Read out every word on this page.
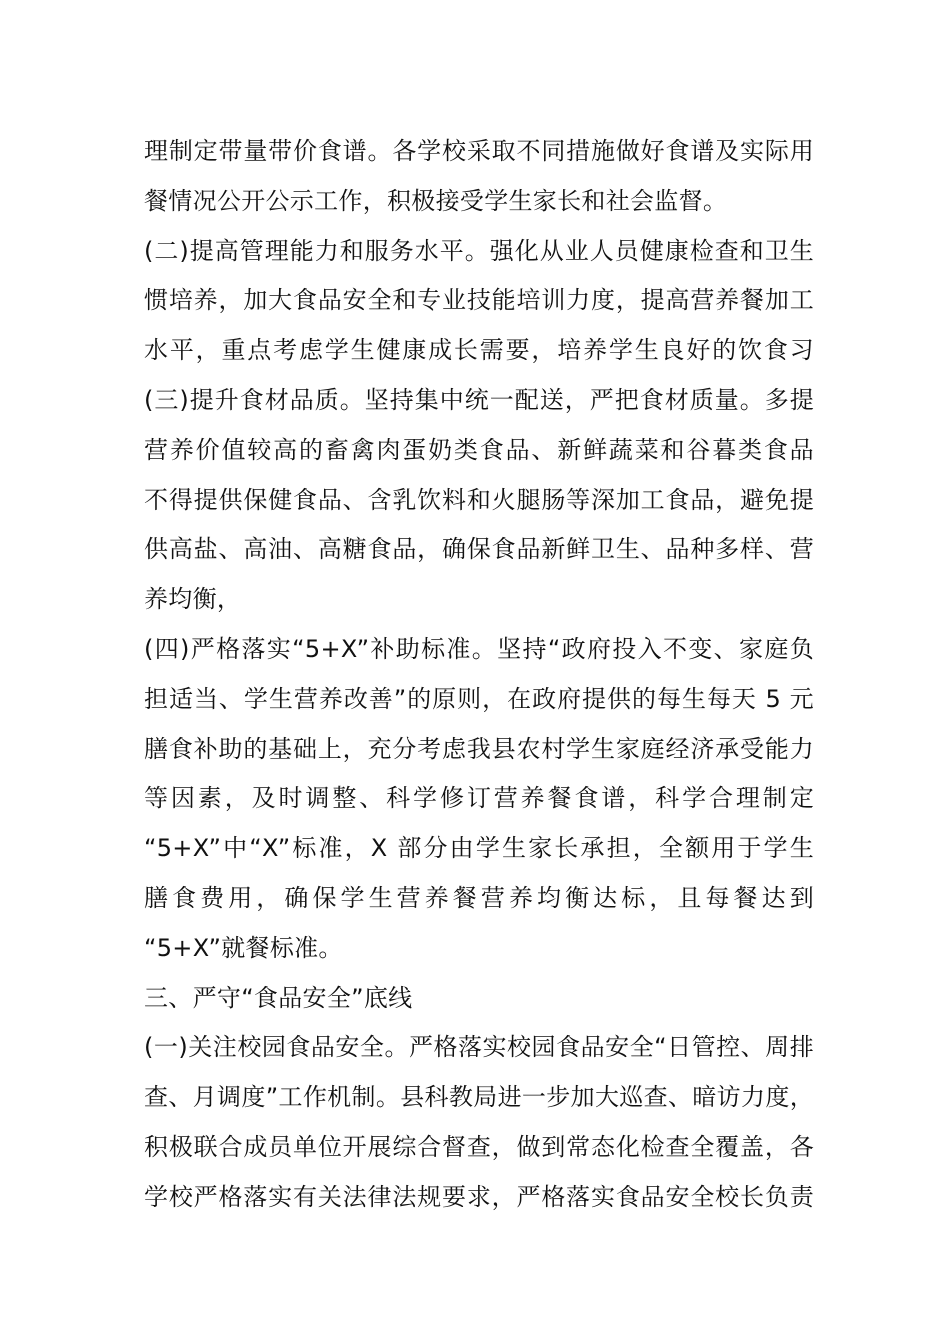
理制定带量带价食谱。各学校采取不同措施做好食谱及实际用
餐情况公开公示工作，积极接受学生家长和社会监督。
(二)提高管理能力和服务水平。强化从业人员健康检查和卫生
惯培养，加大食品安全和专业技能培训力度，提高营养餐加工
水平，重点考虑学生健康成长需要，培养学生良好的饮食习
(三)提升食材品质。坚持集中统一配送，严把食材质量。多提
营养价值较高的畜禽肉蛋奶类食品、新鲜蔬菜和谷暮类食品
不得提供保健食品、含乳饮料和火腿肠等深加工食品，避免提
供高盐、高油、高糖食品，确保食品新鲜卫生、品种多样、营
养均衡，
(四)严格落实“5+X”补助标准。坚持“政府投入不变、家庭负
担适当、学生营养改善”的原则，在政府提供的每生每天 5 元
膳食补助的基础上，充分考虑我县农村学生家庭经济承受能力
等因素，及时调整、科学修订营养餐食谱，科学合理制定
“5+X”中“X”标准，X 部分由学生家长承担，全额用于学生
膳食费用，确保学生营养餐营养均衡达标，且每餐达到
“5+X”就餐标准。
三、严守“食品安全”底线
(一)关注校园食品安全。严格落实校园食品安全“日管控、周排
查、月调度”工作机制。县科教局进一步加大巡查、暗访力度，
积极联合成员单位开展综合督查，做到常态化检查全覆盖，各
学校严格落实有关法律法规要求，严格落实食品安全校长负责
